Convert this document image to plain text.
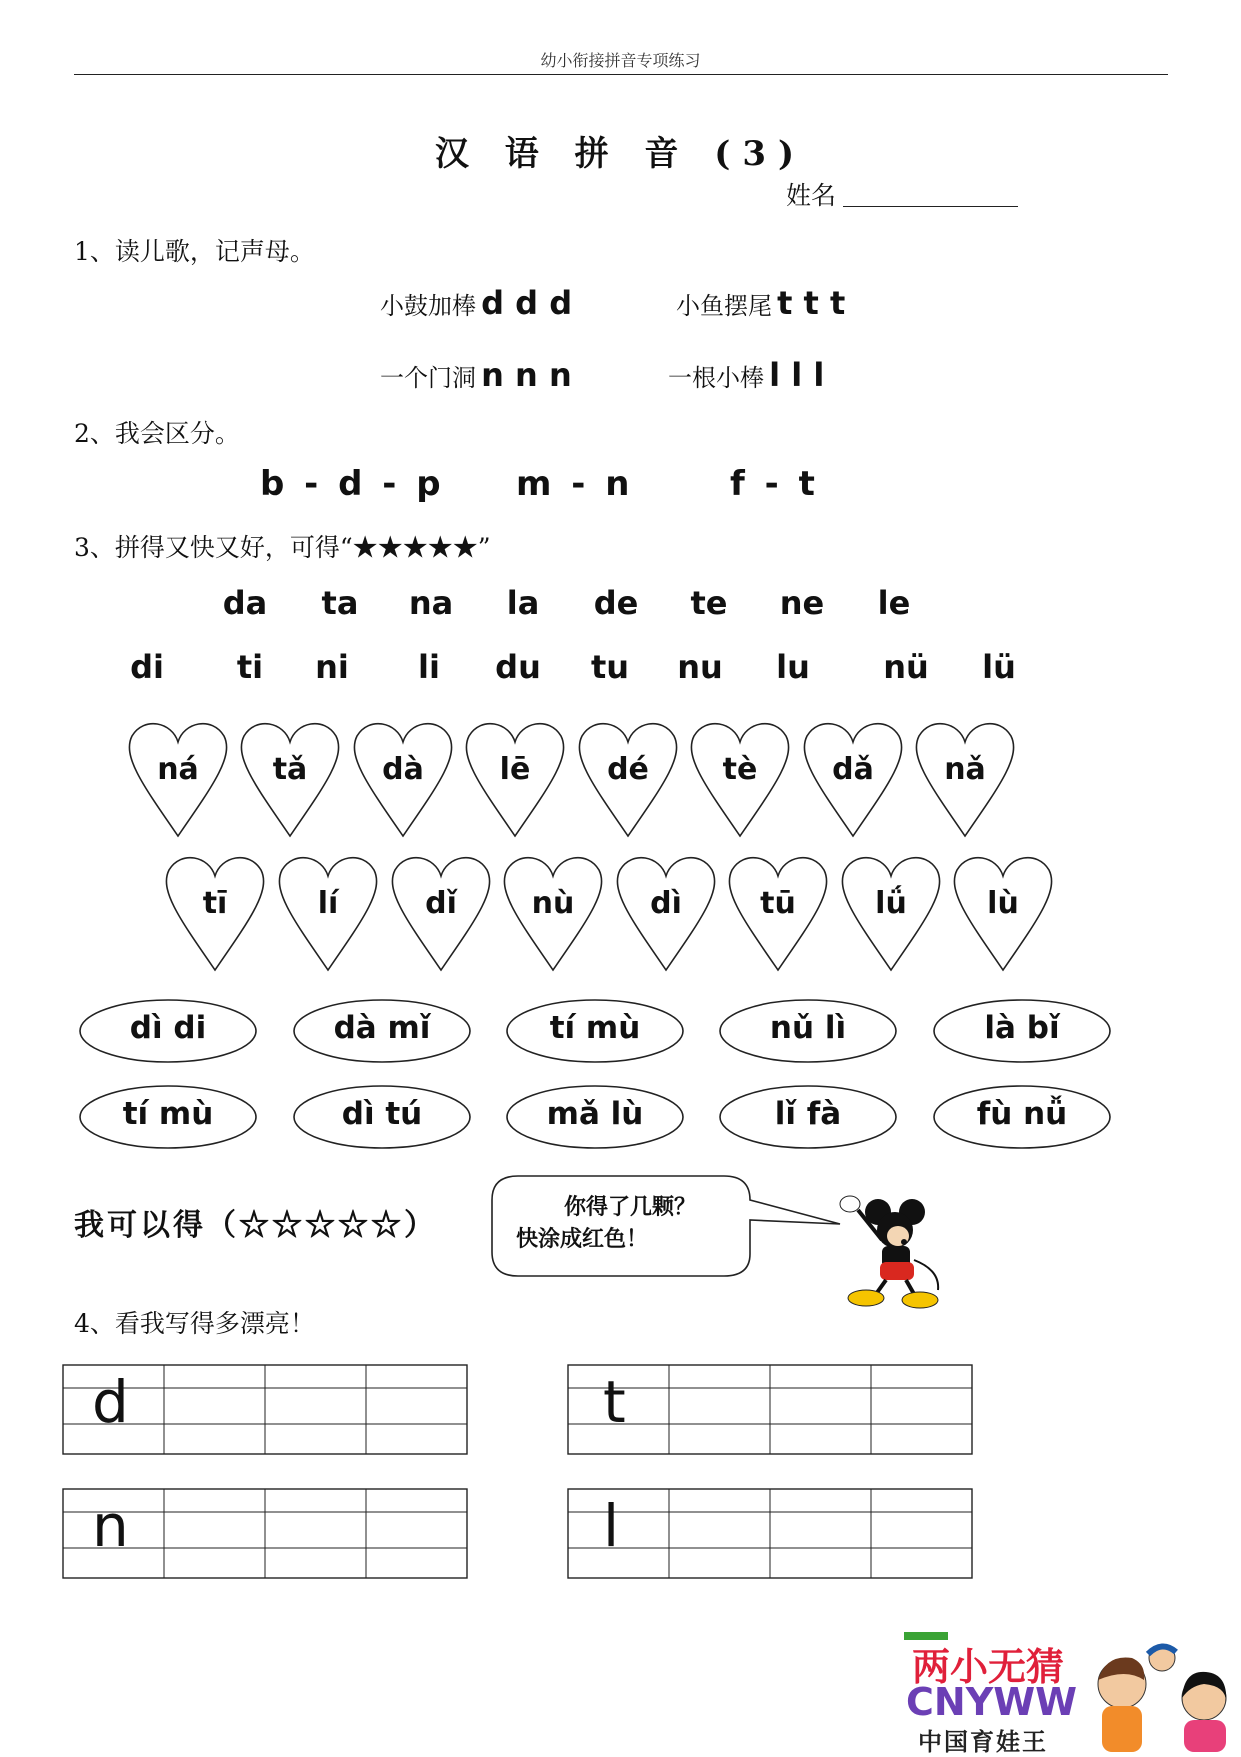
幼小衔接拼音专项练习
汉 语 拼 音 (3)
姓名
1、读儿歌，记声母。
小鼓加棒 d d d	小鱼摆尾 t t t
一个门洞 n n n	一根小棒 l l l
2、我会区分。
b - d - p m - n	f - t
3、拼得又快又好，可得“★★★★★”
da	ta	na	la	de	te	ne	le
di	ti	ni	li	du	tu	nu	lu	nü	lü
ná	tǎ	dà	lē	dé	tè	dǎ	nǎ
tī	lí	dǐ	nù	dì	tū	lǘ	lù
dì di	dà mǐ	tí mù	nǔ lì	là bǐ
tí mù	dì tú	mǎ lù	lǐ fà	fù nǚ
我可以得（☆☆☆☆☆）
你得了几颗？
快涂成红色！
4、看我写得多漂亮！
d	t
n	l
两小无猜
CNYWW
中国育娃王
